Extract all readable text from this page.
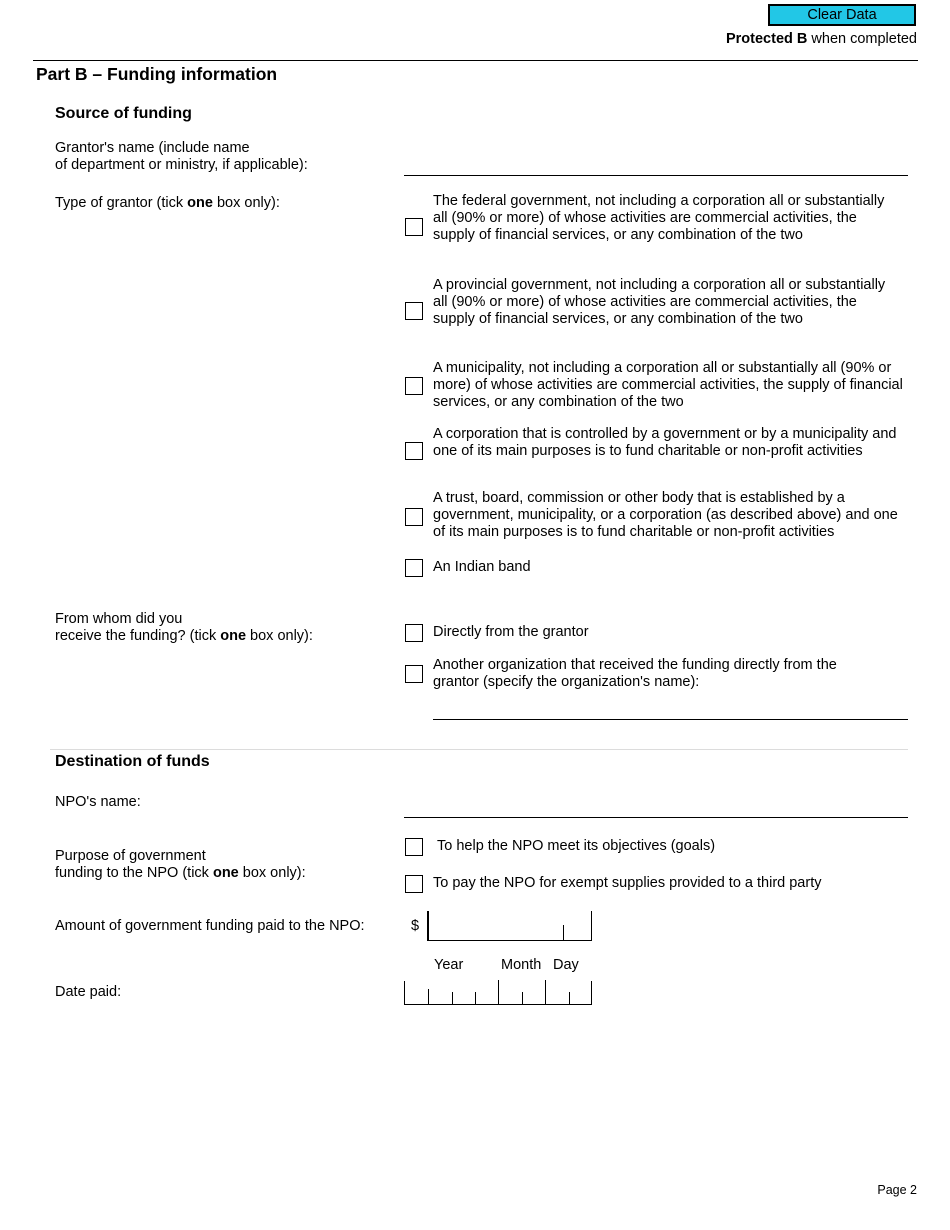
Clear Data
Protected B when completed
Part B – Funding information
Source of funding
Grantor's name (include name
of department or ministry, if applicable):
Type of grantor (tick one box only):	The federal government, not including a corporation all or substantially all (90% or more) of whose activities are commercial activities, the supply of financial services, or any combination of the two
A provincial government, not including a corporation all or substantially all (90% or more) of whose activities are commercial activities, the supply of financial services, or any combination of the two
A municipality, not including a corporation all or substantially all (90% or more) of whose activities are commercial activities, the supply of financial services, or any combination of the two
A corporation that is controlled by a government or by a municipality and one of its main purposes is to fund charitable or non-profit activities
A trust, board, commission or other body that is established by a government, municipality, or a corporation (as described above) and one of its main purposes is to fund charitable or non-profit activities
An Indian band
From whom did you
receive the funding? (tick one box only):	Directly from the grantor
Another organization that received the funding directly from the grantor (specify the organization's name):
Destination of funds
NPO's name:
Purpose of government
funding to the NPO (tick one box only):
To help the NPO meet its objectives (goals)
To pay the NPO for exempt supplies provided to a third party
Amount of government funding paid to the NPO:	$
Year	Month Day
Date paid:
Page 2
